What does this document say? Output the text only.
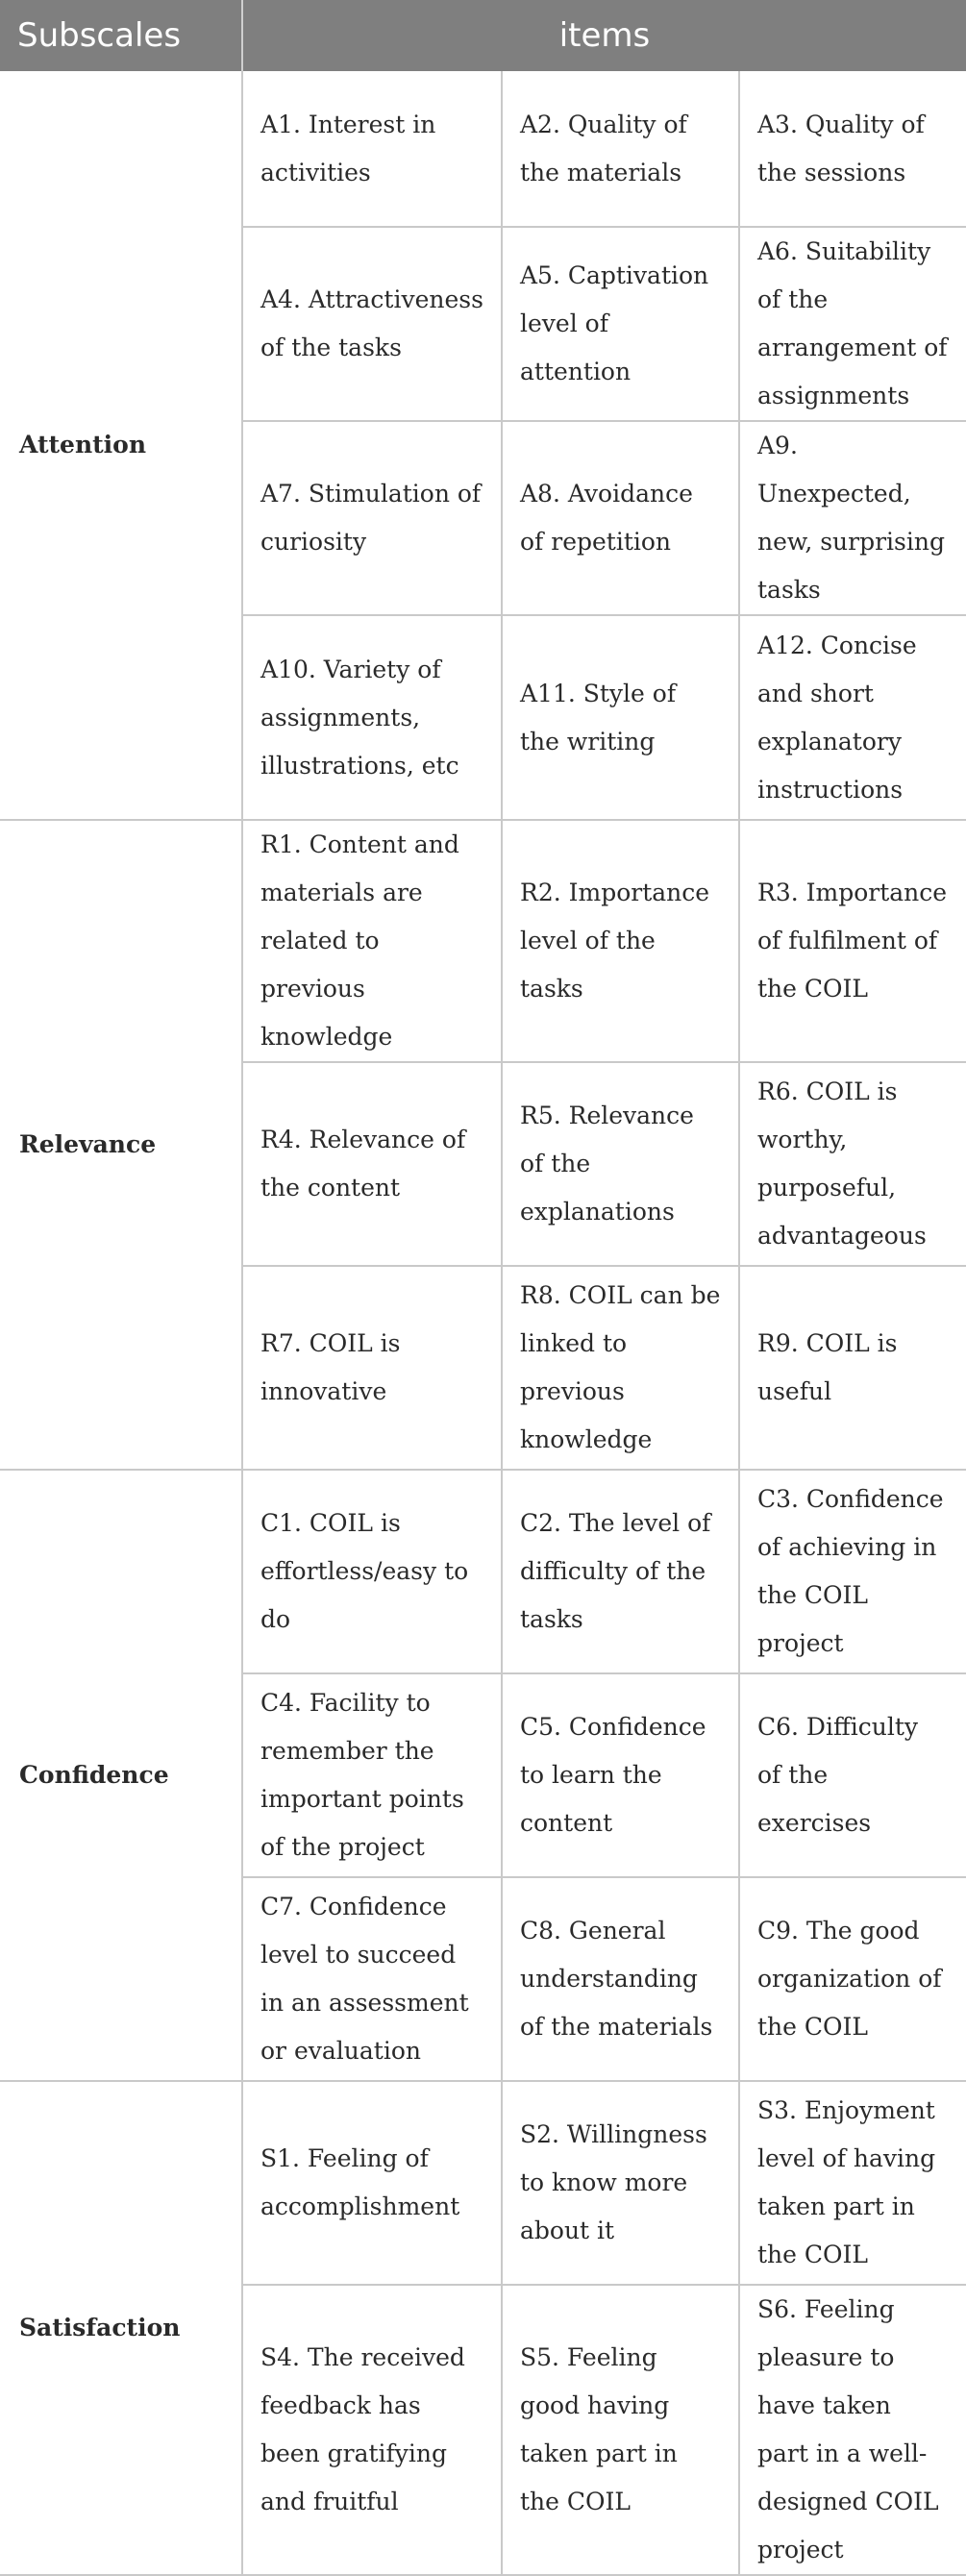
Subscales	items		
Attention	A1. Interest in activities	A2. Quality of the materials	A3. Quality of the sessions
	A4. Attractiveness of the tasks	A5. Captivation level of attention	A6. Suitability of the arrangement of assignments
	A7. Stimulation of curiosity	A8. Avoidance of repetition	A9. Unexpected, new, surprising tasks
	A10. Variety of assignments, illustrations, etc	A11. Style of the writing	A12. Concise and short explanatory instructions
Relevance	R1. Content and materials are related to previous knowledge	R2. Importance level of the tasks	R3. Importance of fulfilment of the COIL
	R4. Relevance of the content	R5. Relevance of the explanations	R6. COIL is worthy, purposeful, advantageous
	R7. COIL is innovative	R8. COIL can be linked to previous knowledge	R9. COIL is useful
Confidence	C1. COIL is effortless/easy to do	C2. The level of difficulty of the tasks	C3. Confidence of achieving in the COIL project
	C4. Facility to remember the important points of the project	C5. Confidence to learn the content	C6. Difficulty of the exercises
	C7. Confidence level to succeed in an assessment or evaluation	C8. General understanding of the materials	C9. The good organization of the COIL
Satisfaction	S1. Feeling of accomplishment	S2. Willingness to know more about it	S3. Enjoyment level of having taken part in the COIL
	S4. The received feedback has been gratifying and fruitful	S5. Feeling good having taken part in the COIL	S6. Feeling pleasure to have taken part in a well-designed COIL project
